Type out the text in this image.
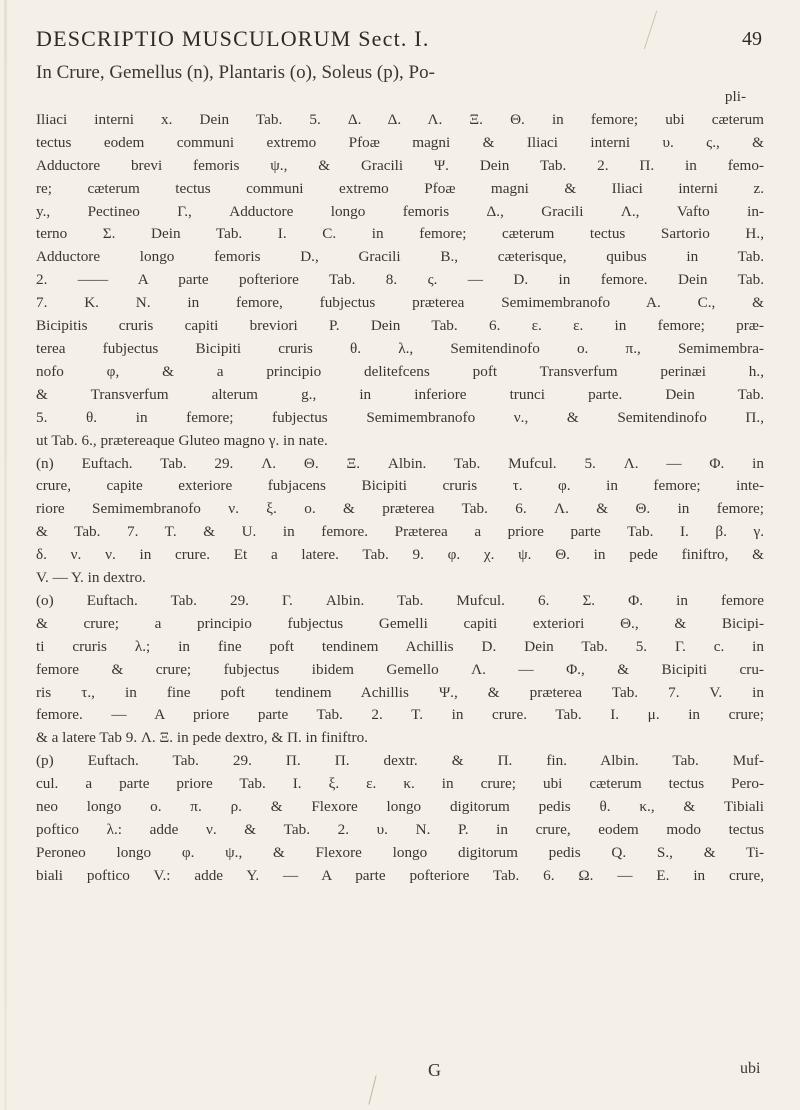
DESCRIPTIO MUSCULORUM Sect. I.	49
In Crure, Gemellus (n), Plantaris (o), Soleus (p), Po-
pli-
Iliaci interni x. Dein Tab. 5. Δ. Δ. Λ. Ξ. Θ. in femore; ubi cæterum
tectus eodem communi extremo Pfoæ magni & Iliaci interni υ. ς., &
Adductore brevi femoris ψ., & Gracili Ψ. Dein Tab. 2. Π. in femo-
re; cæterum tectus communi extremo Pfoæ magni & Iliaci interni z.
y., Pectineo Γ., Adductore longo femoris Δ., Gracili Λ., Vafto in-
terno Σ. Dein Tab. I. C. in femore; cæterum tectus Sartorio H.,
Adductore longo femoris D., Gracili B., cæterisque, quibus in Tab.
2. —— A parte pofteriore Tab. 8. ς. — D. in femore. Dein Tab.
7. K. N. in femore, fubjectus præterea Semimembranofo A. C., &
Bicipitis cruris capiti breviori P. Dein Tab. 6. ε. ε. in femore; præ-
terea fubjectus Bicipiti cruris θ. λ., Semitendinofo ο. π., Semimembra-
nofo φ, & a principio delitefcens poft Transverfum perinæi h.,
& Transverfum alterum g., in inferiore trunci parte. Dein Tab.
5. θ. in femore; fubjectus Semimembranofo ν., & Semitendinofo Π.,
ut Tab. 6., prætereaque Gluteo magno γ. in nate.
(n) Euftach. Tab. 29. Λ. Θ. Ξ. Albin. Tab. Mufcul. 5. Λ. — Φ. in
crure, capite exteriore fubjacens Bicipiti cruris τ. φ. in femore; inte-
riore Semimembranofo ν. ξ. ο. & præterea Tab. 6. Λ. & Θ. in femore;
& Tab. 7. T. & U. in femore. Præterea a priore parte Tab. I. β. γ.
δ. ν. ν. in crure. Et a latere. Tab. 9. φ. χ. ψ. Θ. in pede finiftro, &
V. — Y. in dextro.
(o) Euftach. Tab. 29. Γ. Albin. Tab. Mufcul. 6. Σ. Φ. in femore
& crure; a principio fubjectus Gemelli capiti exteriori Θ., & Bicipi-
ti cruris λ.; in fine poft tendinem Achillis D. Dein Tab. 5. Γ. c. in
femore & crure; fubjectus ibidem Gemello Λ. — Φ., & Bicipiti cru-
ris τ., in fine poft tendinem Achillis Ψ., & præterea Tab. 7. V. in
femore. — A priore parte Tab. 2. T. in crure. Tab. I. μ. in crure;
& a latere Tab 9. Λ. Ξ. in pede dextro, & Π. in finiftro.
(p) Euftach. Tab. 29. Π. Π. dextr. & Π. fin. Albin. Tab. Muf-
cul. a parte priore Tab. I. ξ. ε. κ. in crure; ubi cæterum tectus Pero-
neo longo ο. π. ρ. & Flexore longo digitorum pedis θ. κ., & Tibiali
poftico λ.: adde ν. & Tab. 2. υ. N. P. in crure, eodem modo tectus
Peroneo longo φ. ψ., & Flexore longo digitorum pedis Q. S., & Ti-
biali poftico V.: adde Y. — A parte pofteriore Tab. 6. Ω. — E. in crure,
G	ubi
